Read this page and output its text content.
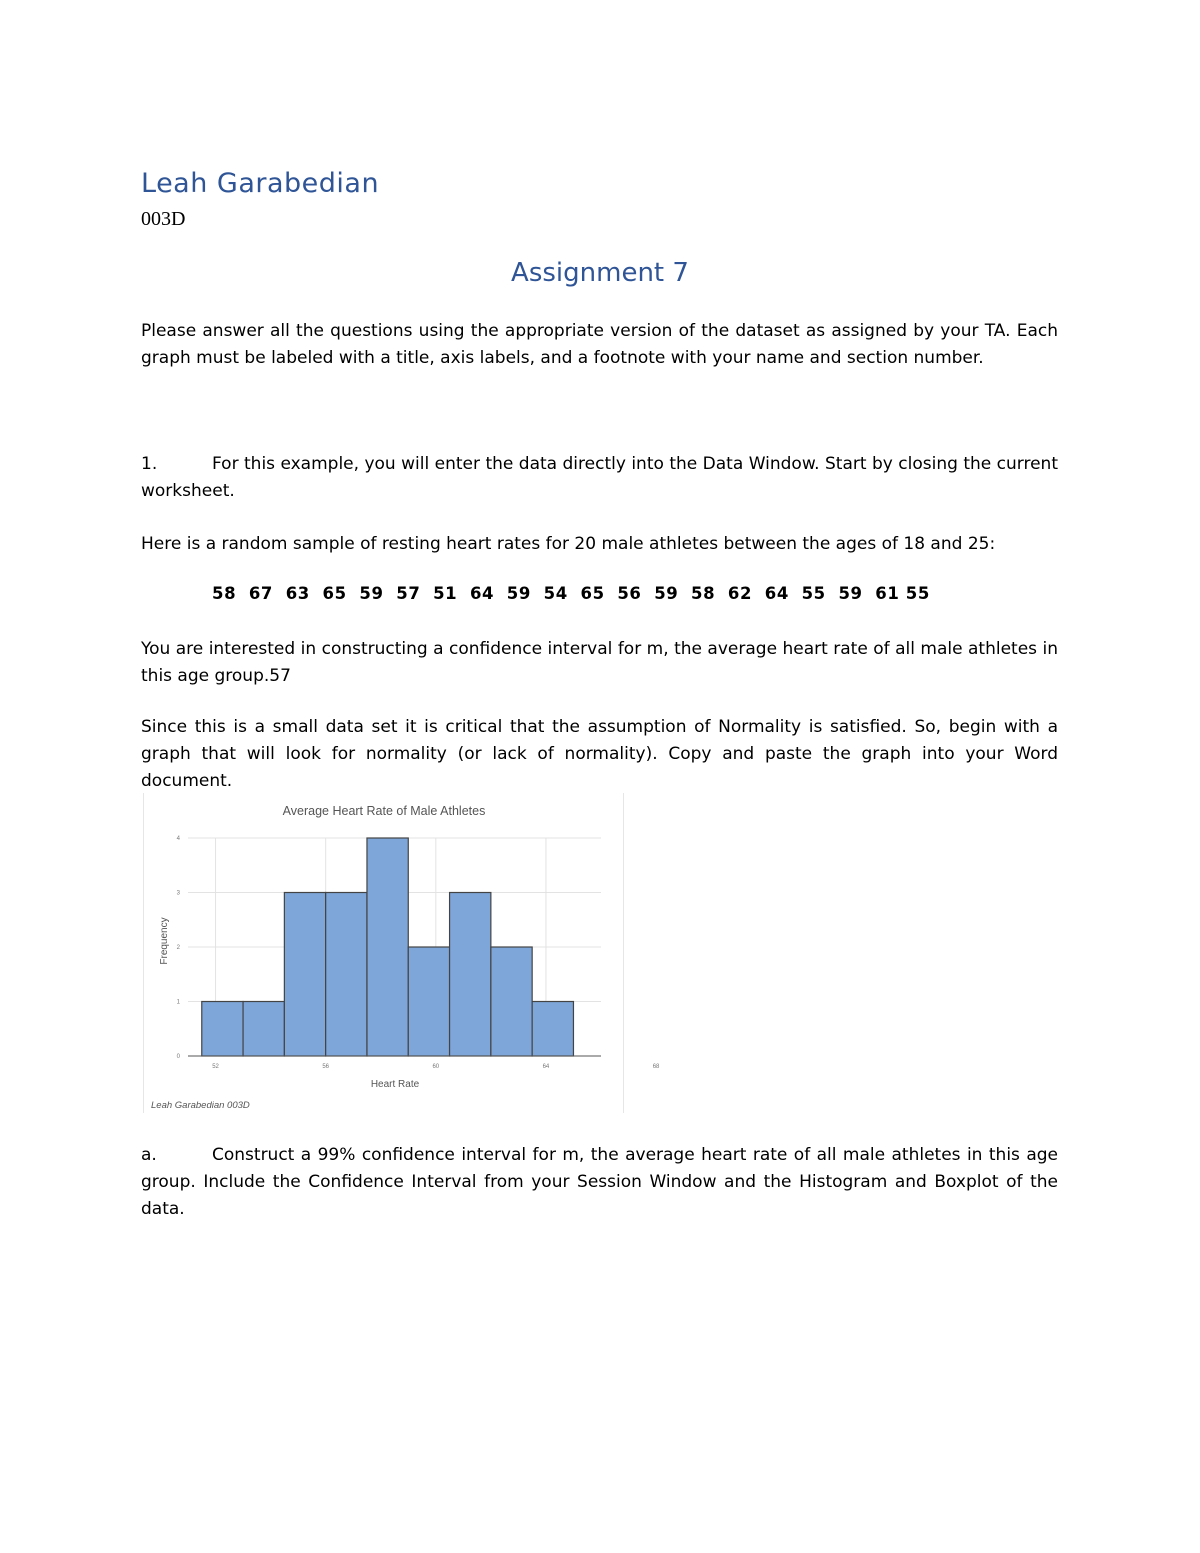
Leah Garabedian
003D
Assignment 7
Please answer all the questions using the appropriate version of the dataset as assigned by your TA. Each graph must be labeled with a title, axis labels, and a footnote with your name and section number.
1.	For this example, you will enter the data directly into the Data Window. Start by closing the current worksheet.
Here is a random sample of resting heart rates for 20 male athletes between the ages of 18 and 25:
58  67  63  65  59  57  51  64  59  54  65  56  59  58  62  64  55  59  61 55
You are interested in constructing a confidence interval for m, the average heart rate of all male athletes in this age group.57
Since this is a small data set it is critical that the assumption of Normality is satisfied. So, begin with a graph that will look for normality (or lack of normality). Copy and paste the graph into your Word document.
Average Heart Rate of Male Athletes
0
1
2
3
4
52	56	60	64	68
Heart Rate
Frequency
Leah Garabedian 003D
a.	Construct a 99% confidence interval for m, the average heart rate of all male athletes in this age group. Include the Confidence Interval from your Session Window and the Histogram and Boxplot of the data.
